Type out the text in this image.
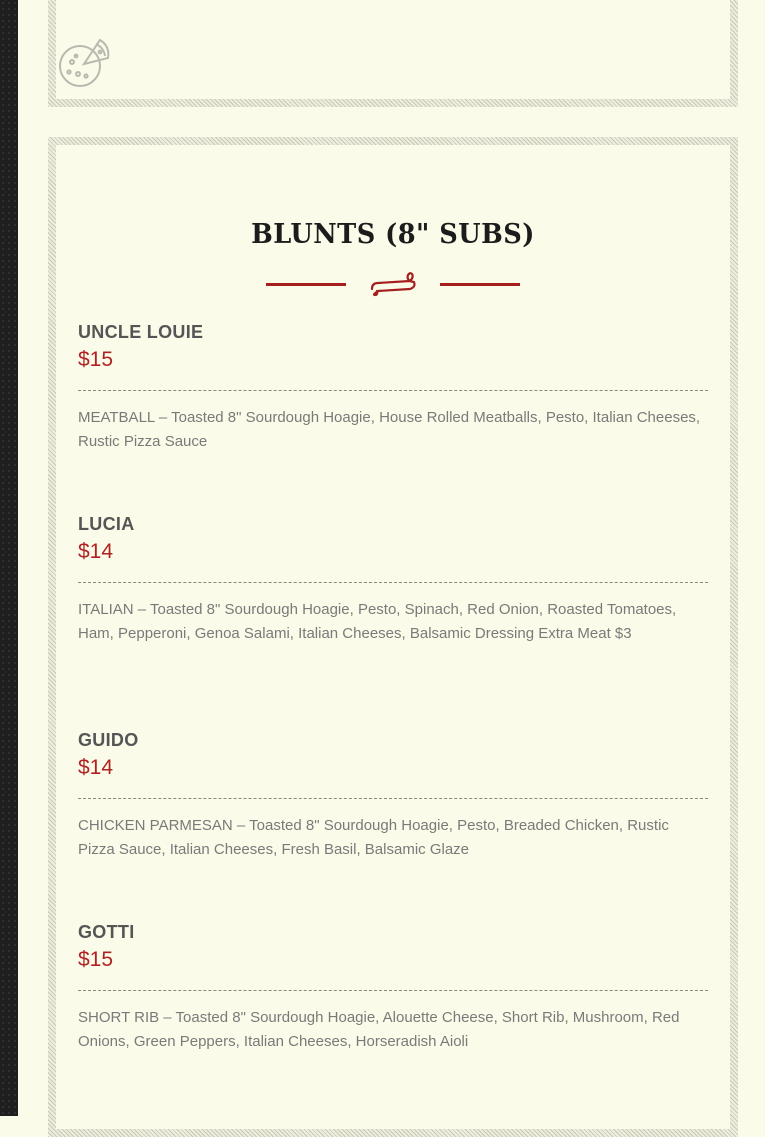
BLUNTS (8" SUBS)
UNCLE LOUIE

$15

MEATBALL – Toasted 8" Sourdough Hoagie, House Rolled Meatballs, Pesto, Italian Cheeses, Rustic Pizza Sauce

LUCIA

$14

ITALIAN – Toasted 8" Sourdough Hoagie, Pesto, Spinach, Red Onion, Roasted Tomatoes, Ham, Pepperoni, Genoa Salami, Italian Cheeses, Balsamic Dressing Extra Meat $3

GUIDO

$14

CHICKEN PARMESAN – Toasted 8" Sourdough Hoagie, Pesto, Breaded Chicken, Rustic Pizza Sauce, Italian Cheeses, Fresh Basil, Balsamic Glaze

GOTTI

$15

SHORT RIB – Toasted 8" Sourdough Hoagie, Alouette Cheese, Short Rib, Mushroom, Red Onions, Green Peppers, Italian Cheeses, Horseradish Aioli
